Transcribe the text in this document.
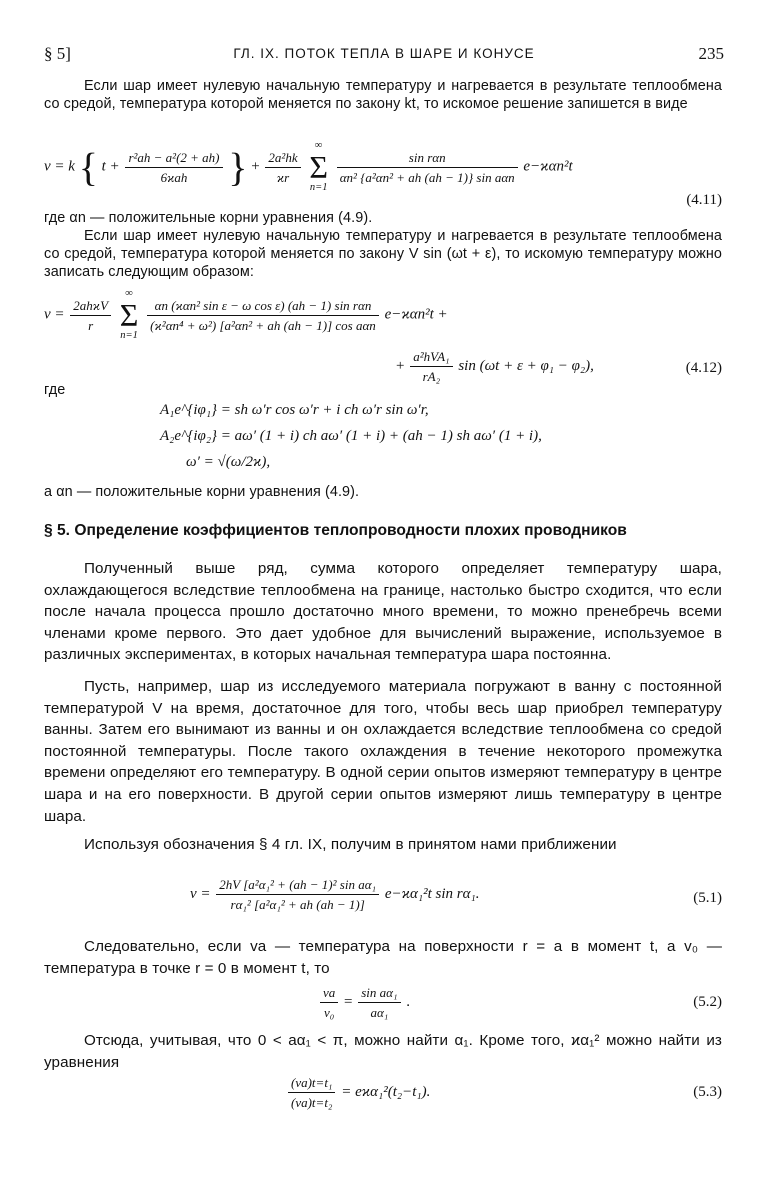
§ 5]	ГЛ. IX. ПОТОК ТЕПЛА В ШАРЕ И КОНУСЕ	235
Если шар имеет нулевую начальную температуру и нагревается в результате теплообмена со средой, температура которой меняется по закону kt, то искомое решение запишется в виде
v = k { $t + \frac{\text{r²ah − a²(2 + ah)}}{\text{6ϰah}}$ } + $\frac{\text{2a²hk}}{ϰr}$

∞
Σ
n=1

$\frac{\text{sin rαn}}{\text{αn² \{a²αn² + ah (ah − 1)\} sin aαn}} e-ϰ\alpha n^2t$
(4.11)
где αn — положительные корни уравнения (4.9).
Если шар имеет нулевую начальную температуру и нагревается в результате теплообмена со средой, температура которой меняется по закону V sin (ωt + ε), то искомую температуру можно записать следующим образом:
$v = \frac{\text{2ahϰV}}{r}$

∞
Σ
n=1

$\frac{\text{αn (ϰαn² sin ε − ω cos ε) (ah − 1) sin rαn}}{\text{(ϰ²αn⁴ + ω²) [a²αn² + ah (ah − 1)] cos aαn}} e-ϰ\alpha n^2t$ +
+ $\frac{\text{a²hVA₁}}{\text{rA₂}}$ sin (ωt + ε + φ₁ − φ₂),	(4.12)
где
A₁e^{iφ₁} = sh ω′r cos ω′r + i ch ω′r sin ω′r,
A₂e^{iφ₂} = aω′ (1 + i) ch aω′ (1 + i) + (ah − 1) sh aω′ (1 + i),
ω′ = √(ω/2ϰ),
а αn — положительные корни уравнения (4.9).
§ 5. Определение коэффициентов теплопроводности плохих проводников
Полученный выше ряд, сумма которого определяет температуру шара, охлаждающегося вследствие теплообмена на границе, настолько быстро сходится, что если после начала процесса прошло достаточно много времени, то можно пренебречь всеми членами кроме первого. Это дает удобное для вычислений выражение, используемое в различных экспериментах, в которых начальная температура шара постоянна.
Пусть, например, шар из исследуемого материала погружают в ванну с постоянной температурой V на время, достаточное для того, чтобы весь шар приобрел температуру ванны. Затем его вынимают из ванны и он охлаждается вследствие теплообмена со средой постоянной температуры. После такого охлаждения в течение некоторого промежутка времени определяют его температуру. В одной серии опытов измеряют температуру в центре шара и на его поверхности. В другой серии опытов измеряют лишь температуру в центре шара.
Используя обозначения § 4 гл. IX, получим в принятом нами приближении
$v = \frac{\text{2hV [a²α₁² + (ah − 1)² sin aα₁}}{\text{rα₁² [a²α₁² + ah (ah − 1)]}} e-ϰ\alpha_1^2t$ sin rα₁.	(5.1)
Следовательно, если va — температура на поверхности r = a в момент t, а v₀ — температура в точке r = 0 в момент t, то
$\frac{va}{\text{v₀}} = \frac{\text{sin aα₁}}{\text{aα₁}}$ .	(5.2)
Отсюда, учитывая, что 0 < aα₁ < π, можно найти α₁. Кроме того, ϰα₁² можно найти из уравнения
$\frac{\text{(va)t=t₁}}{\text{(va)t=t₂}} = eϰ\alpha_1^2(t_2-t_1)$.	(5.3)
